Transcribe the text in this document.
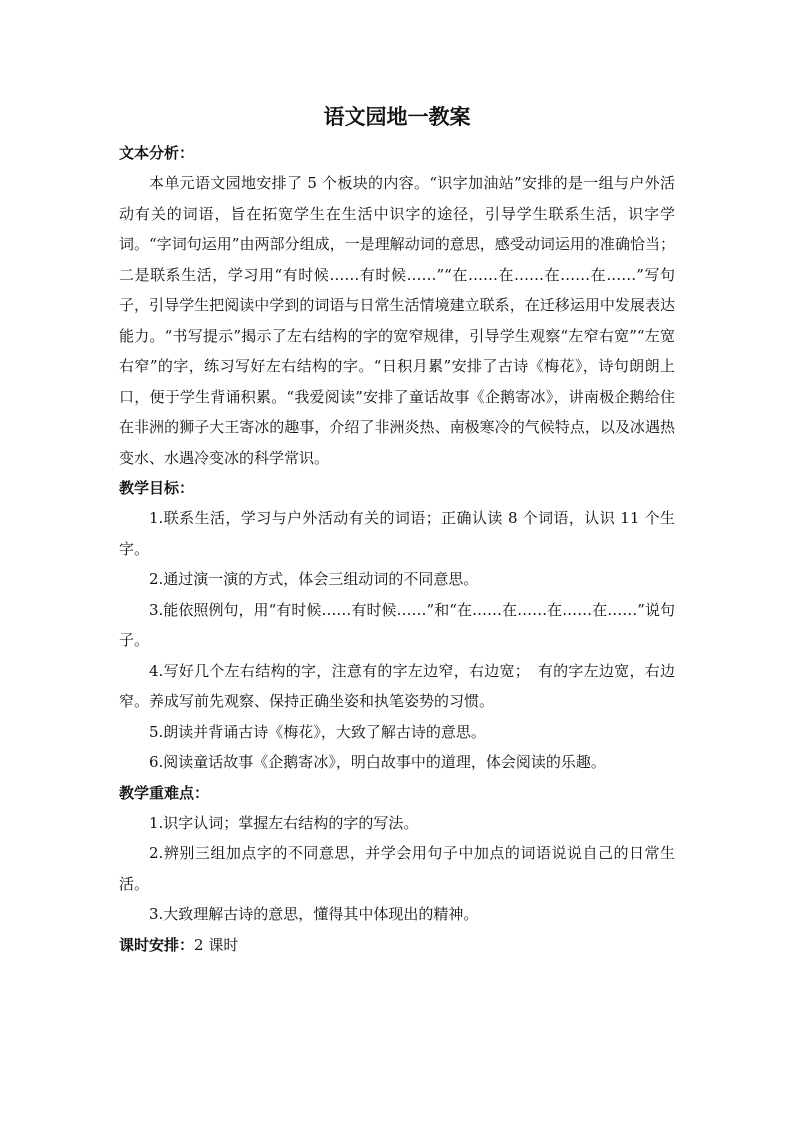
语文园地一教案

文本分析：

本单元语文园地安排了 5 个板块的内容。“识字加油站”安排的是一组与户外活动有关的词语，旨在拓宽学生在生活中识字的途径，引导学生联系生活，识字学词。“字词句运用”由两部分组成，一是理解动词的意思，感受动词运用的准确恰当；二是联系生活，学习用“有时候……有时候……”“在……在……在……在……”写句子，引导学生把阅读中学到的词语与日常生活情境建立联系，在迁移运用中发展表达能力。“书写提示”揭示了左右结构的字的宽窄规律，引导学生观察“左窄右宽”“左宽右窄”的字，练习写好左右结构的字。“日积月累”安排了古诗《梅花》，诗句朗朗上口，便于学生背诵积累。“我爱阅读”安排了童话故事《企鹅寄冰》，讲南极企鹅给住在非洲的狮子大王寄冰的趣事，介绍了非洲炎热、南极寒冷的气候特点，以及冰遇热变水、水遇冷变冰的科学常识。

教学目标：

1.联系生活，学习与户外活动有关的词语；正确认读 8 个词语，认识 11 个生字。
2.通过演一演的方式，体会三组动词的不同意思。
3.能依照例句，用“有时候……有时候……”和“在……在……在……在……”说句子。
4.写好几个左右结构的字，注意有的字左边窄，右边宽；　有的字左边宽，右边窄。养成写前先观察、保持正确坐姿和执笔姿势的习惯。
5.朗读并背诵古诗《梅花》，大致了解古诗的意思。
6.阅读童话故事《企鹅寄冰》，明白故事中的道理，体会阅读的乐趣。

教学重难点：

1.识字认词；掌握左右结构的字的写法。
2.辨别三组加点字的不同意思，并学会用句子中加点的词语说说自己的日常生活。
3.大致理解古诗的意思，懂得其中体现出的精神。

课时安排：2 课时
